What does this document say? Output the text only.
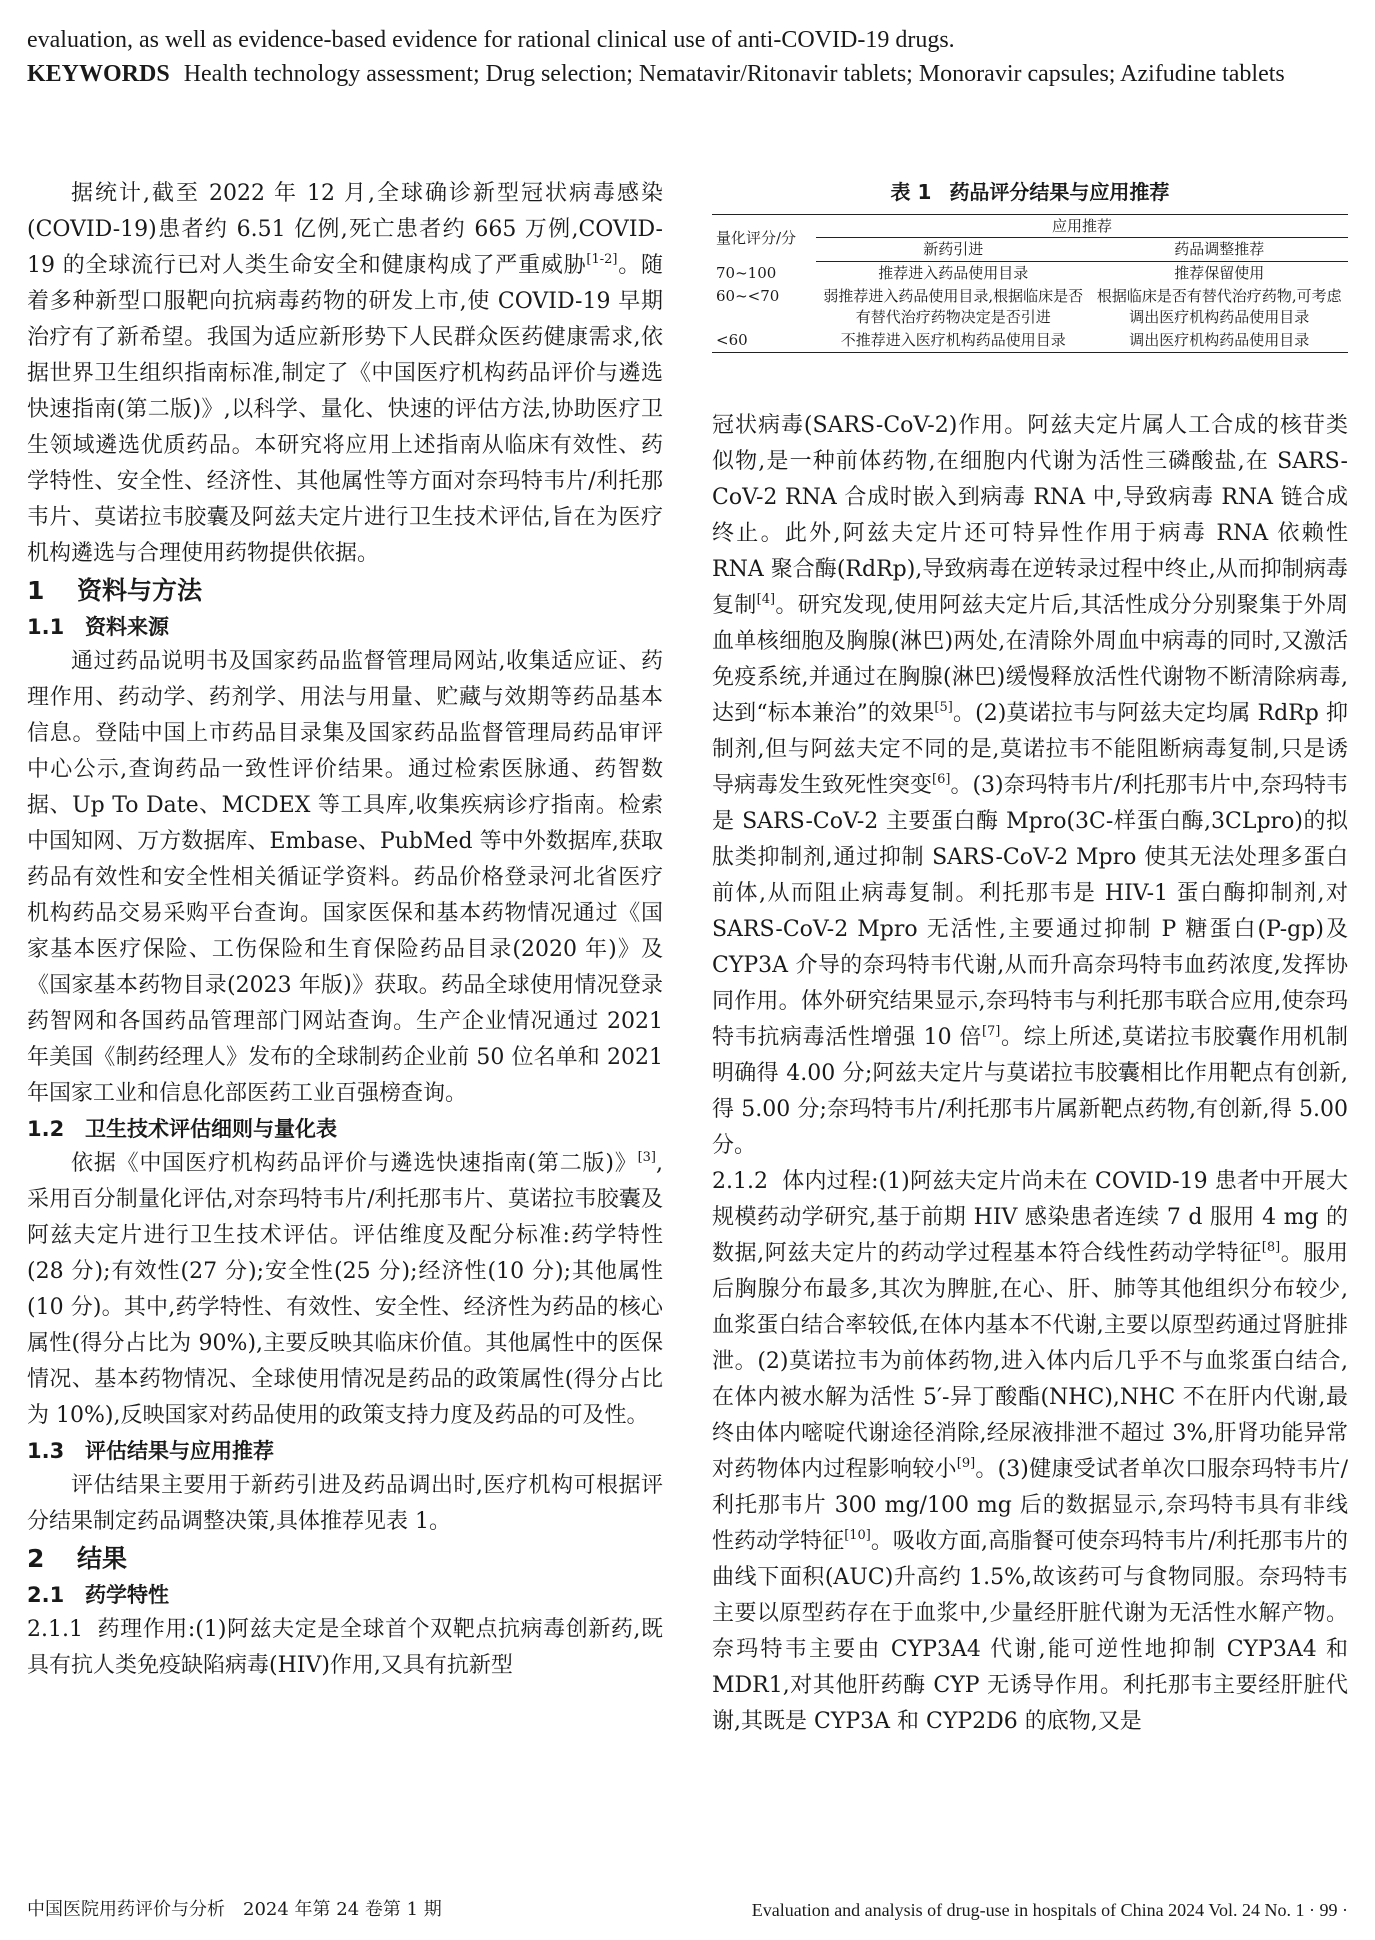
evaluation, as well as evidence-based evidence for rational clinical use of anti-COVID-19 drugs.
KEYWORDS Health technology assessment; Drug selection; Nematavir/Ritonavir tablets; Monoravir capsules; Azifudine tablets

据统计,截至 2022 年 12 月,全球确诊新型冠状病毒感染(COVID-19)患者约 6.51 亿例,死亡患者约 665 万例,COVID-19 的全球流行已对人类生命安全和健康构成了严重威胁[1-2]。随着多种新型口服靶向抗病毒药物的研发上市,使 COVID-19 早期治疗有了新希望。我国为适应新形势下人民群众医药健康需求,依据世界卫生组织指南标准,制定了《中国医疗机构药品评价与遴选快速指南(第二版)》,以科学、量化、快速的评估方法,协助医疗卫生领域遴选优质药品。本研究将应用上述指南从临床有效性、药学特性、安全性、经济性、其他属性等方面对奈玛特韦片/利托那韦片、莫诺拉韦胶囊及阿兹夫定片进行卫生技术评估,旨在为医疗机构遴选与合理使用药物提供依据。

1 资料与方法
1.1 资料来源

通过药品说明书及国家药品监督管理局网站,收集适应证、药理作用、药动学、药剂学、用法与用量、贮藏与效期等药品基本信息。登陆中国上市药品目录集及国家药品监督管理局药品审评中心公示,查询药品一致性评价结果。通过检索医脉通、药智数据、Up To Date、MCDEX 等工具库,收集疾病诊疗指南。检索中国知网、万方数据库、Embase、PubMed 等中外数据库,获取药品有效性和安全性相关循证学资料。药品价格登录河北省医疗机构药品交易采购平台查询。国家医保和基本药物情况通过《国家基本医疗保险、工伤保险和生育保险药品目录(2020 年)》及《国家基本药物目录(2023 年版)》获取。药品全球使用情况登录药智网和各国药品管理部门网站查询。生产企业情况通过 2021 年美国《制药经理人》发布的全球制药企业前 50 位名单和 2021 年国家工业和信息化部医药工业百强榜查询。

1.2 卫生技术评估细则与量化表

依据《中国医疗机构药品评价与遴选快速指南(第二版)》[3],采用百分制量化评估,对奈玛特韦片/利托那韦片、莫诺拉韦胶囊及阿兹夫定片进行卫生技术评估。评估维度及配分标准:药学特性(28 分);有效性(27 分);安全性(25 分);经济性(10 分);其他属性(10 分)。其中,药学特性、有效性、安全性、经济性为药品的核心属性(得分占比为 90%),主要反映其临床价值。其他属性中的医保情况、基本药物情况、全球使用情况是药品的政策属性(得分占比为 10%),反映国家对药品使用的政策支持力度及药品的可及性。

1.3 评估结果与应用推荐

评估结果主要用于新药引进及药品调出时,医疗机构可根据评分结果制定药品调整决策,具体推荐见表 1。

2 结果
2.1 药学特性

2.1.1 药理作用:(1)阿兹夫定是全球首个双靶点抗病毒创新药,既具有抗人类免疫缺陷病毒(HIV)作用,又具有抗新型

表 1 药品评分结果与应用推荐
量化评分/分	应用推荐	
	新药引进	药品调整推荐
70~100	推荐进入药品使用目录	推荐保留使用
60~<70	弱推荐进入药品使用目录,根据临床是否有替代治疗药物决定是否引进	根据临床是否有替代治疗药物,可考虑调出医疗机构药品使用目录
<60	不推荐进入医疗机构药品使用目录	调出医疗机构药品使用目录

冠状病毒(SARS-CoV-2)作用。阿兹夫定片属人工合成的核苷类似物,是一种前体药物,在细胞内代谢为活性三磷酸盐,在 SARS-CoV-2 RNA 合成时嵌入到病毒 RNA 中,导致病毒 RNA 链合成终止。此外,阿兹夫定片还可特异性作用于病毒 RNA 依赖性 RNA 聚合酶(RdRp),导致病毒在逆转录过程中终止,从而抑制病毒复制[4]。研究发现,使用阿兹夫定片后,其活性成分分别聚集于外周血单核细胞及胸腺(淋巴)两处,在清除外周血中病毒的同时,又激活免疫系统,并通过在胸腺(淋巴)缓慢释放活性代谢物不断清除病毒,达到“标本兼治”的效果[5]。(2)莫诺拉韦与阿兹夫定均属 RdRp 抑制剂,但与阿兹夫定不同的是,莫诺拉韦不能阻断病毒复制,只是诱导病毒发生致死性突变[6]。(3)奈玛特韦片/利托那韦片中,奈玛特韦是 SARS-CoV-2 主要蛋白酶 Mpro(3C-样蛋白酶,3CLpro)的拟肽类抑制剂,通过抑制 SARS-CoV-2 Mpro 使其无法处理多蛋白前体,从而阻止病毒复制。利托那韦是 HIV-1 蛋白酶抑制剂,对 SARS-CoV-2 Mpro 无活性,主要通过抑制 P 糖蛋白(P-gp)及 CYP3A 介导的奈玛特韦代谢,从而升高奈玛特韦血药浓度,发挥协同作用。体外研究结果显示,奈玛特韦与利托那韦联合应用,使奈玛特韦抗病毒活性增强 10 倍[7]。综上所述,莫诺拉韦胶囊作用机制明确得 4.00 分;阿兹夫定片与莫诺拉韦胶囊相比作用靶点有创新,得 5.00 分;奈玛特韦片/利托那韦片属新靶点药物,有创新,得 5.00 分。

2.1.2 体内过程:(1)阿兹夫定片尚未在 COVID-19 患者中开展大规模药动学研究,基于前期 HIV 感染患者连续 7 d 服用 4 mg 的数据,阿兹夫定片的药动学过程基本符合线性药动学特征[8]。服用后胸腺分布最多,其次为脾脏,在心、肝、肺等其他组织分布较少,血浆蛋白结合率较低,在体内基本不代谢,主要以原型药通过肾脏排泄。(2)莫诺拉韦为前体药物,进入体内后几乎不与血浆蛋白结合,在体内被水解为活性 5′-异丁酸酯(NHC),NHC 不在肝内代谢,最终由体内嘧啶代谢途径消除,经尿液排泄不超过 3%,肝肾功能异常对药物体内过程影响较小[9]。(3)健康受试者单次口服奈玛特韦片/利托那韦片 300 mg/100 mg 后的数据显示,奈玛特韦具有非线性药动学特征[10]。吸收方面,高脂餐可使奈玛特韦片/利托那韦片的曲线下面积(AUC)升高约 1.5%,故该药可与食物同服。奈玛特韦主要以原型药存在于血浆中,少量经肝脏代谢为无活性水解产物。奈玛特韦主要由 CYP3A4 代谢,能可逆性地抑制 CYP3A4 和 MDR1,对其他肝药酶 CYP 无诱导作用。利托那韦主要经肝脏代谢,其既是 CYP3A 和 CYP2D6 的底物,又是

中国医院用药评价与分析　2024 年第 24 卷第 1 期	Evaluation and analysis of drug-use in hospitals of China 2024 Vol. 24 No. 1 · 99 ·
